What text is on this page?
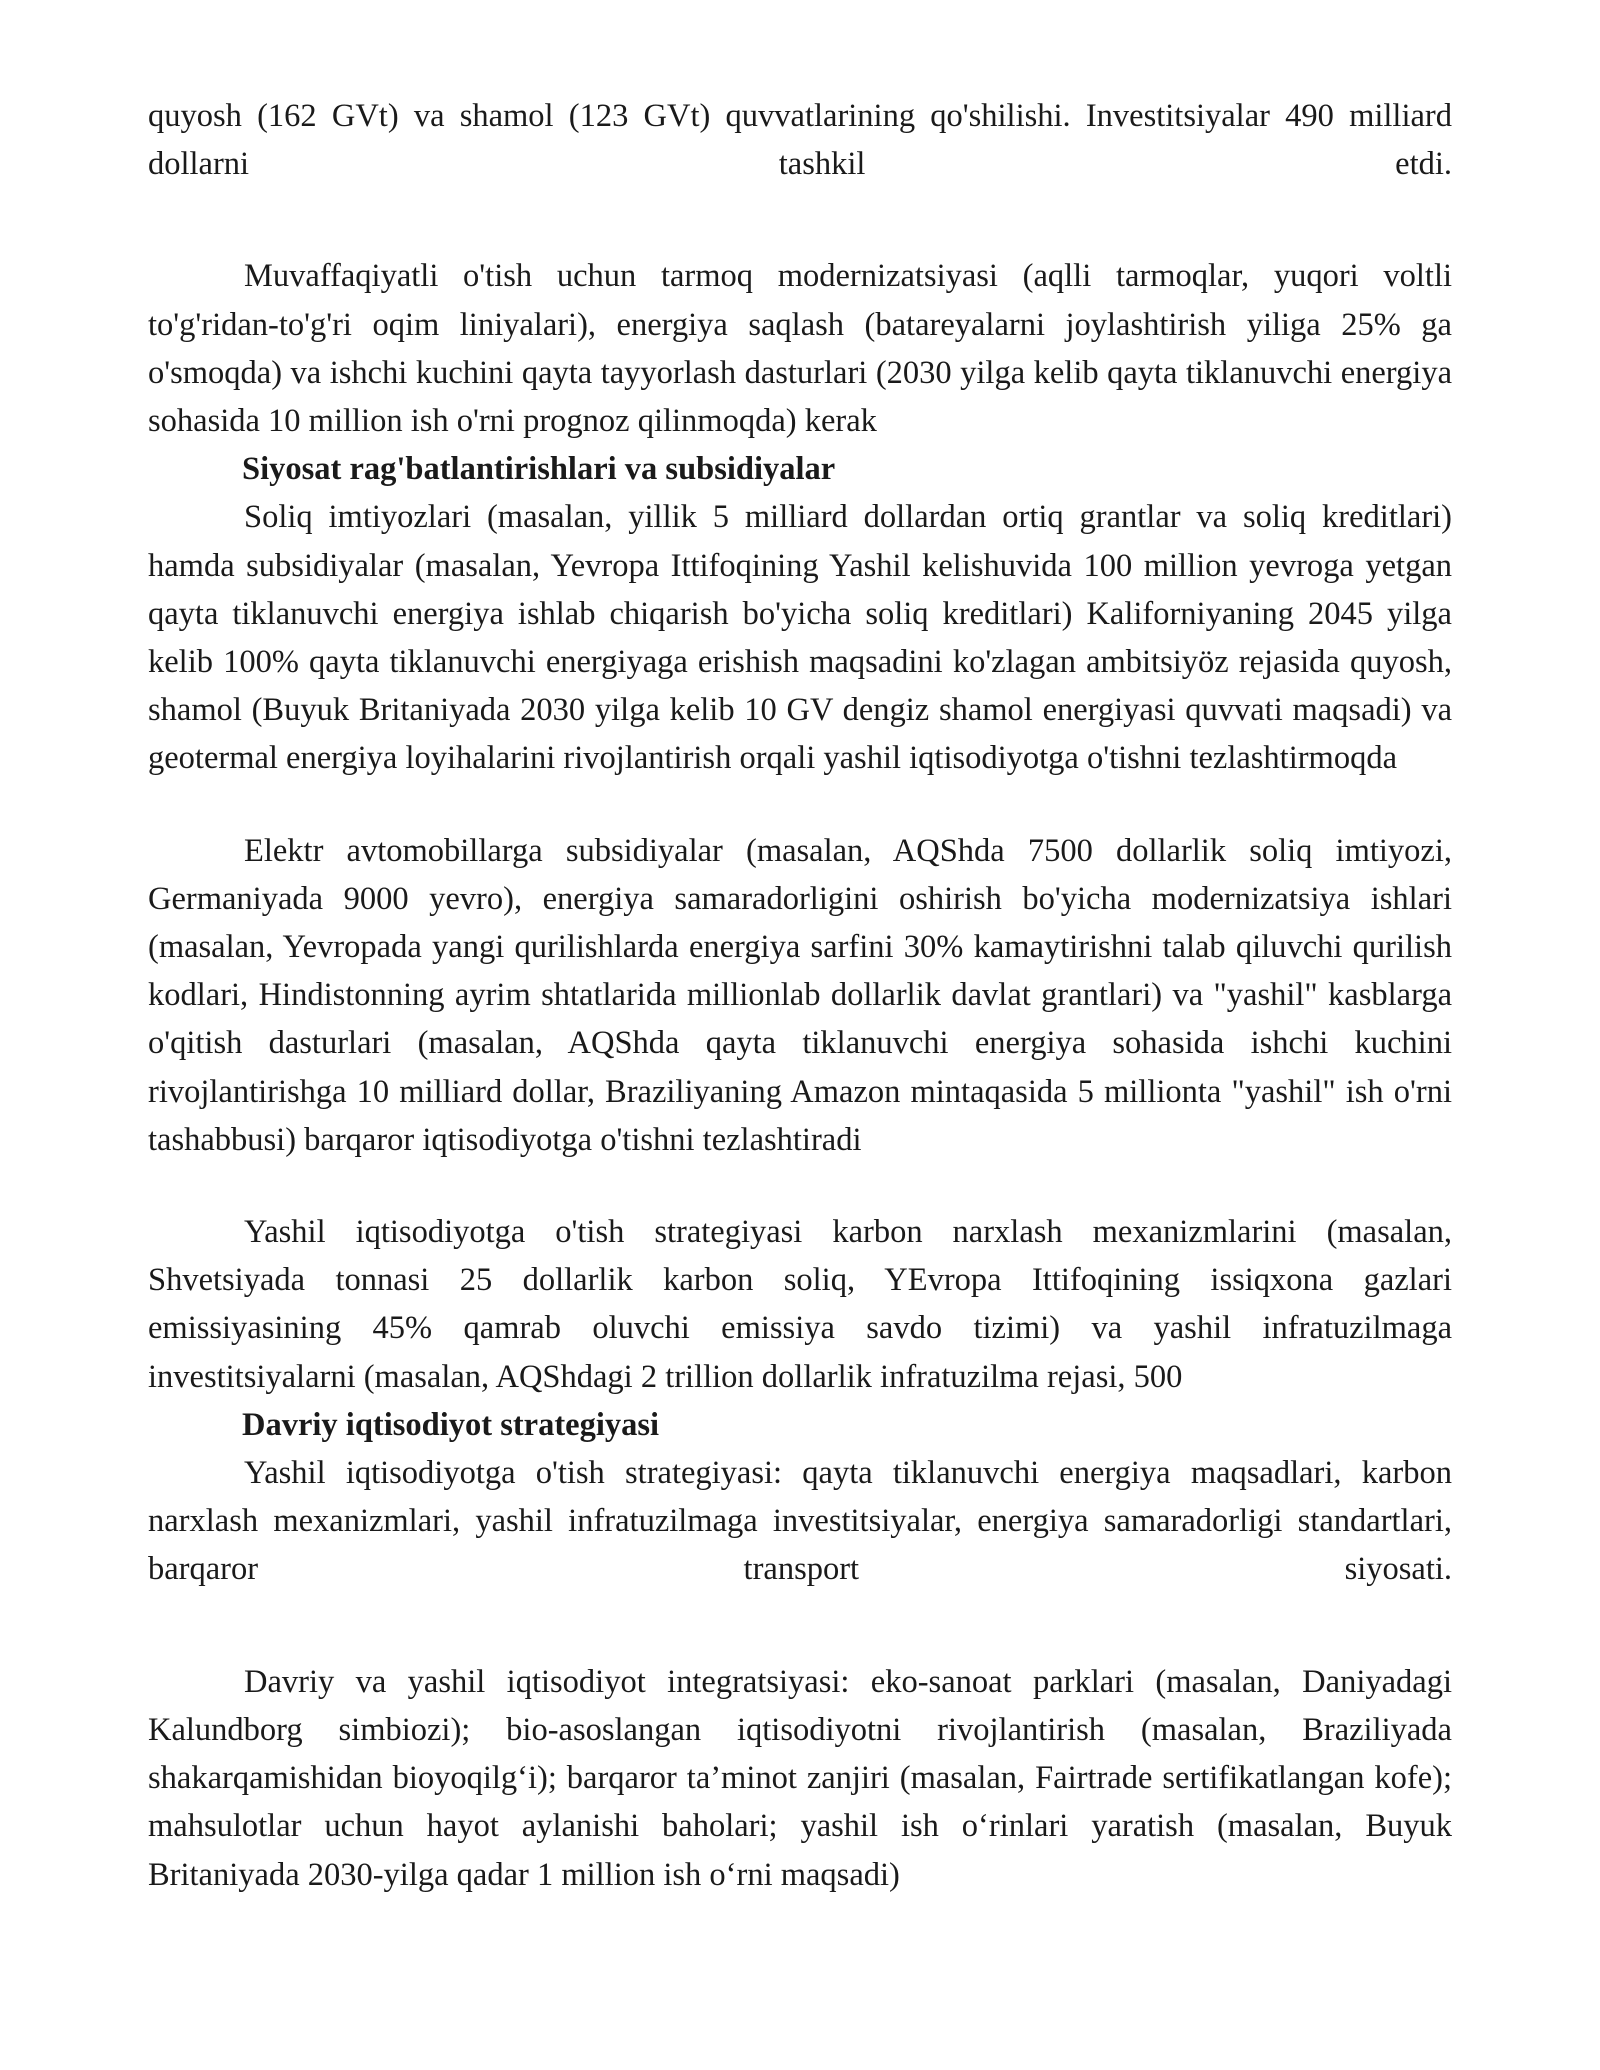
quyosh (162 GVt) va shamol (123 GVt) quvvatlarining qo'shilishi. Investitsiyalar 490 milliard dollarni tashkil etdi.

Muvaffaqiyatli o'tish uchun tarmoq modernizatsiyasi (aqlli tarmoqlar, yuqori voltli to'g'ridan-to'g'ri oqim liniyalari), energiya saqlash (batareyalarni joylashtirish yiliga 25% ga o'smoqda) va ishchi kuchini qayta tayyorlash dasturlari (2030 yilga kelib qayta tiklanuvchi energiya sohasida 10 million ish o'rni prognoz qilinmoqda) kerak

Siyosat rag'batlantirishlari va subsidiyalar

Soliq imtiyozlari (masalan, yillik 5 milliard dollardan ortiq grantlar va soliq kreditlari) hamda subsidiyalar (masalan, Yevropa Ittifoqining Yashil kelishuvida 100 million yevroga yetgan qayta tiklanuvchi energiya ishlab chiqarish bo'yicha soliq kreditlari) Kaliforniyaning 2045 yilga kelib 100% qayta tiklanuvchi energiyaga erishish maqsadini ko'zlagan ambitsiyöz rejasida quyosh, shamol (Buyuk Britaniyada 2030 yilga kelib 10 GV dengiz shamol energiyasi quvvati maqsadi) va geotermal energiya loyihalarini rivojlantirish orqali yashil iqtisodiyotga o'tishni tezlashtirmoqda

Elektr avtomobillarga subsidiyalar (masalan, AQShda 7500 dollarlik soliq imtiyozi, Germaniyada 9000 yevro), energiya samaradorligini oshirish bo'yicha modernizatsiya ishlari (masalan, Yevropada yangi qurilishlarda energiya sarfini 30% kamaytirishni talab qiluvchi qurilish kodlari, Hindistonning ayrim shtatlarida millionlab dollarlik davlat grantlari) va "yashil" kasblarga o'qitish dasturlari (masalan, AQShda qayta tiklanuvchi energiya sohasida ishchi kuchini rivojlantirishga 10 milliard dollar, Braziliyaning Amazon mintaqasida 5 millionta "yashil" ish o'rni tashabbusi) barqaror iqtisodiyotga o'tishni tezlashtiradi

Yashil iqtisodiyotga o'tish strategiyasi karbon narxlash mexanizmlarini (masalan, Shvetsiyada tonnasi 25 dollarlik karbon soliq, YEvropa Ittifoqining issiqxona gazlari emissiyasining 45% qamrab oluvchi emissiya savdo tizimi) va yashil infratuzilmaga investitsiyalarni (masalan, AQShdagi 2 trillion dollarlik infratuzilma rejasi, 500

Davriy iqtisodiyot strategiyasi

Yashil iqtisodiyotga o'tish strategiyasi: qayta tiklanuvchi energiya maqsadlari, karbon narxlash mexanizmlari, yashil infratuzilmaga investitsiyalar, energiya samaradorligi standartlari, barqaror transport siyosati.

Davriy va yashil iqtisodiyot integratsiyasi: eko-sanoat parklari (masalan, Daniyadagi Kalundborg simbiozi); bio-asoslangan iqtisodiyotni rivojlantirish (masalan, Braziliyada shakarqamishidan bioyoqilg‘i); barqaror ta’minot zanjiri (masalan, Fairtrade sertifikatlangan kofe); mahsulotlar uchun hayot aylanishi baholari; yashil ish o‘rinlari yaratish (masalan, Buyuk Britaniyada 2030-yilga qadar 1 million ish o‘rni maqsadi)
